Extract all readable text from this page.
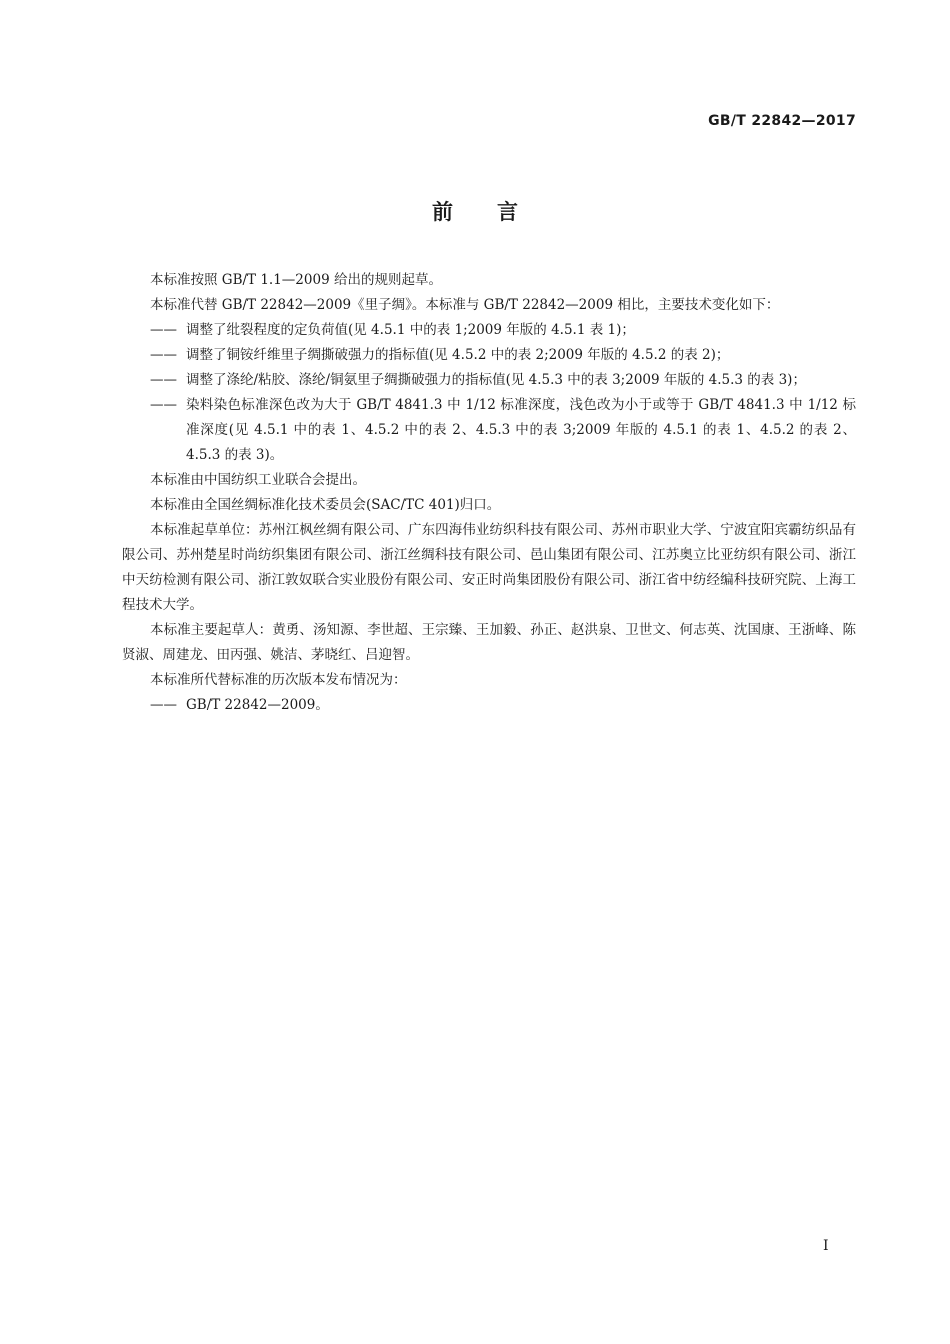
GB/T 22842—2017
前言

本标准按照 GB/T 1.1—2009 给出的规则起草。

本标准代替 GB/T 22842—2009《里子绸》。本标准与 GB/T 22842—2009 相比，主要技术变化如下：

—— 调整了纰裂程度的定负荷值(见 4.5.1 中的表 1;2009 年版的 4.5.1 表 1)；
—— 调整了铜铵纤维里子绸撕破强力的指标值(见 4.5.2 中的表 2;2009 年版的 4.5.2 的表 2)；
—— 调整了涤纶/粘胶、涤纶/铜氨里子绸撕破强力的指标值(见 4.5.3 中的表 3;2009 年版的 4.5.3 的表 3)；
—— 染料染色标准深色改为大于 GB/T 4841.3 中 1/12 标准深度，浅色改为小于或等于 GB/T 4841.3 中 1/12 标准深度(见 4.5.1 中的表 1、4.5.2 中的表 2、4.5.3 中的表 3;2009 年版的 4.5.1 的表 1、4.5.2 的表 2、4.5.3 的表 3)。

本标准由中国纺织工业联合会提出。

本标准由全国丝绸标准化技术委员会(SAC/TC 401)归口。

本标准起草单位：苏州江枫丝绸有限公司、广东四海伟业纺织科技有限公司、苏州市职业大学、宁波宜阳宾霸纺织品有限公司、苏州楚星时尚纺织集团有限公司、浙江丝绸科技有限公司、邑山集团有限公司、江苏奥立比亚纺织有限公司、浙江中天纺检测有限公司、浙江敦奴联合实业股份有限公司、安正时尚集团股份有限公司、浙江省中纺经编科技研究院、上海工程技术大学。

本标准主要起草人：黄勇、汤知源、李世超、王宗臻、王加毅、孙正、赵洪泉、卫世文、何志英、沈国康、王浙峰、陈贤淑、周建龙、田丙强、姚洁、茅晓红、吕迎智。

本标准所代替标准的历次版本发布情况为：

—— GB/T 22842—2009。
I
